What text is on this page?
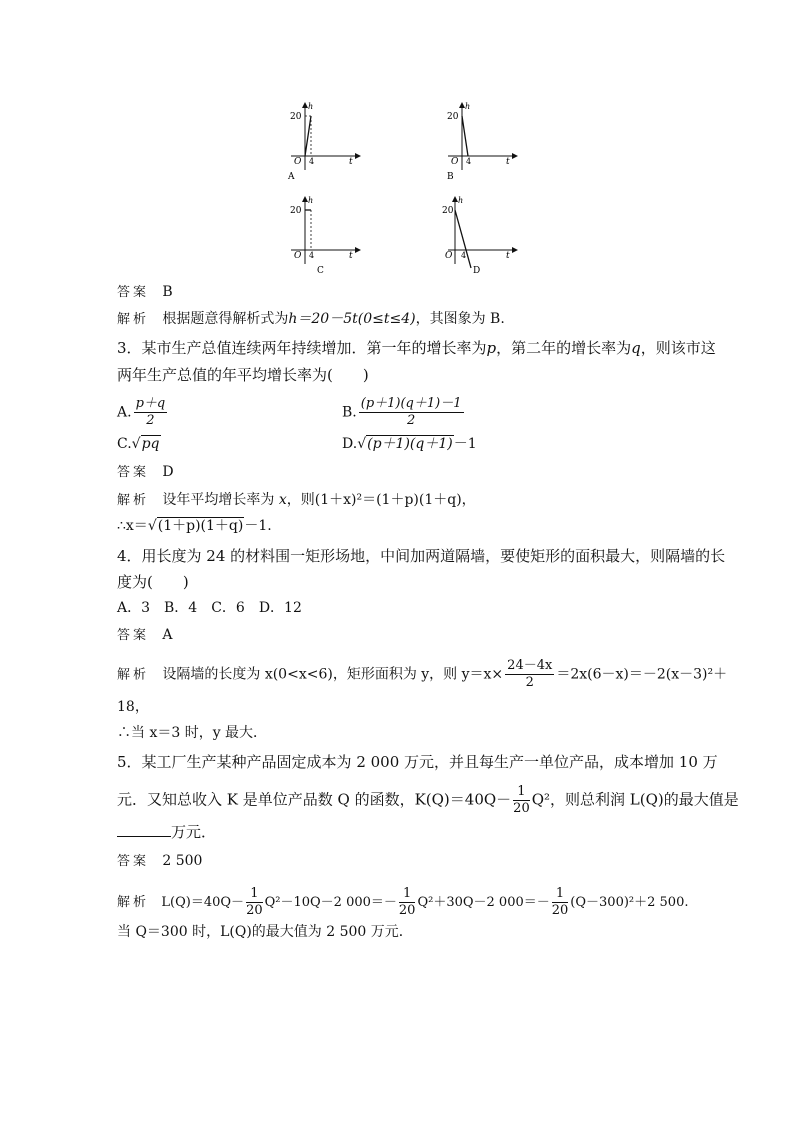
h
20
O 4	t
A
h
20
O 4	t
B
h
20
O 4	t
C
h
20
O 4	t
D
答案 B
解析 根据题意得解析式为h＝20－5t(0≤t≤4)，其图象为 B.
3．某市生产总值连续两年持续增加．第一年的增长率为p，第二年的增长率为q，则该市这
两年生产总值的年平均增长率为(　　)
A. $\frac{p+q}{2}$	B. $\frac{(p+1)(q+1)-1}{2}$
C.√pq	D.√(p＋1)(q＋1)－1
答案 D
解析 设年平均增长率为 x，则(1＋x)²＝(1＋p)(1＋q)，
∴x＝√(1＋p)(1＋q)－1.
4．用长度为 24 的材料围一矩形场地，中间加两道隔墙，要使矩形的面积最大，则隔墙的长
度为(　　)
A．3　B．4　C．6　D．12
答案 A
解析 设隔墙的长度为 x(0<x<6)，矩形面积为 y，则 $y=x\times \frac{24-4x}{2} =2x(6-x)=-2(x-3)^2+$
18，
∴当 x＝3 时，y 最大．
5．某工厂生产某种产品固定成本为 2 000 万元，并且每生产一单位产品，成本增加 10 万
元．又知总收入 K 是单位产品数 Q 的函数，$K(Q)=40Q- \frac{1}{20} Q^2$，则总利润 L(Q)的最大值是
万元．
答案 2 500
解析 $L(Q)=40Q- \frac{1}{20} Q^2-10Q-2$ $000=- \frac{1}{20} Q^2+30Q-2$ $000=- \frac{1}{20} (Q-300)^2+2$ 500.
当 Q＝300 时，L(Q)的最大值为 2 500 万元．
